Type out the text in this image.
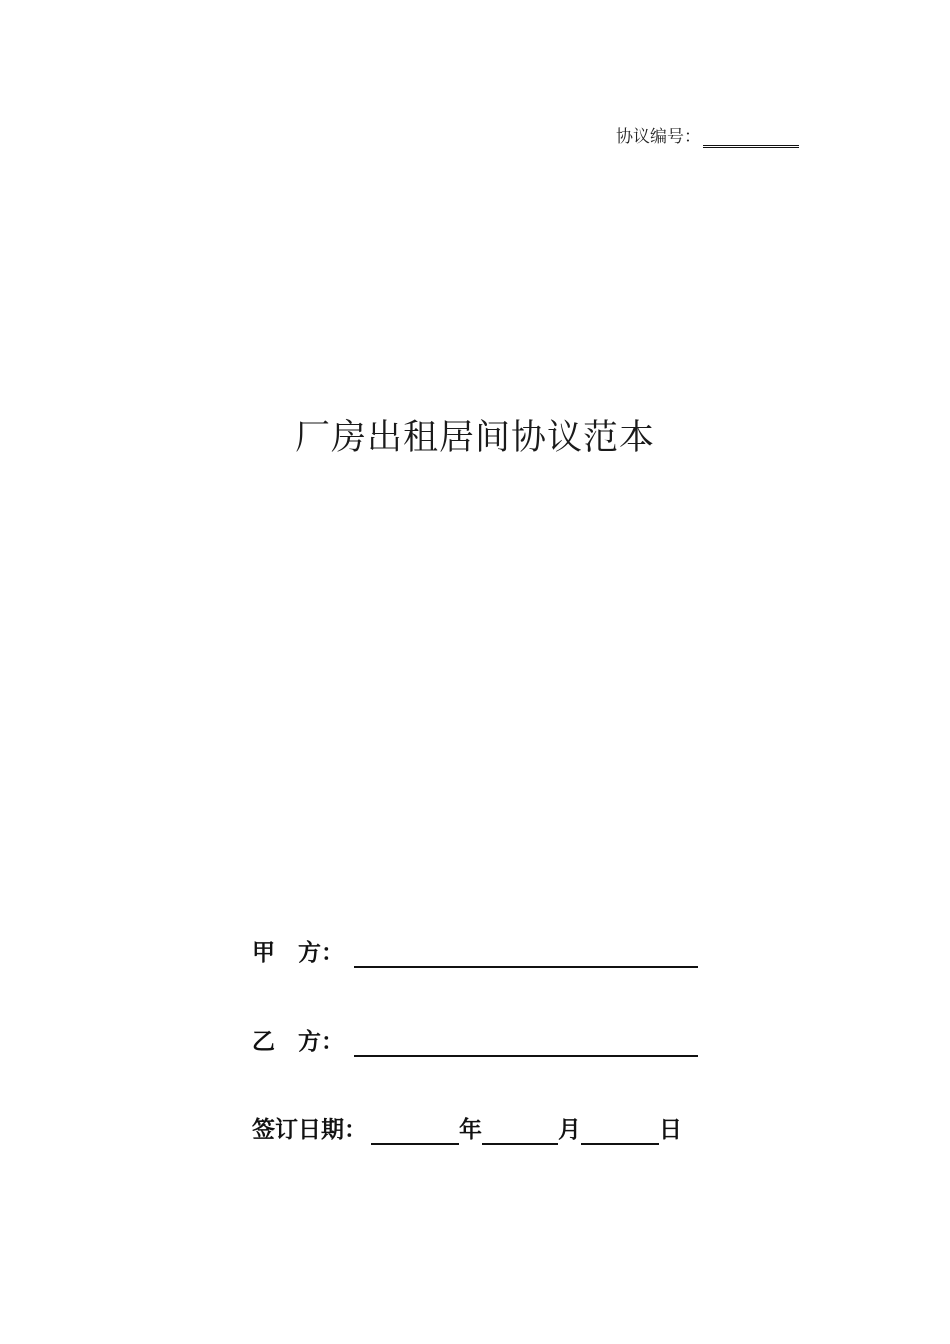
协议编号：
厂房出租居间协议范本
甲　方：
乙　方：
签订日期：	年	月	日
